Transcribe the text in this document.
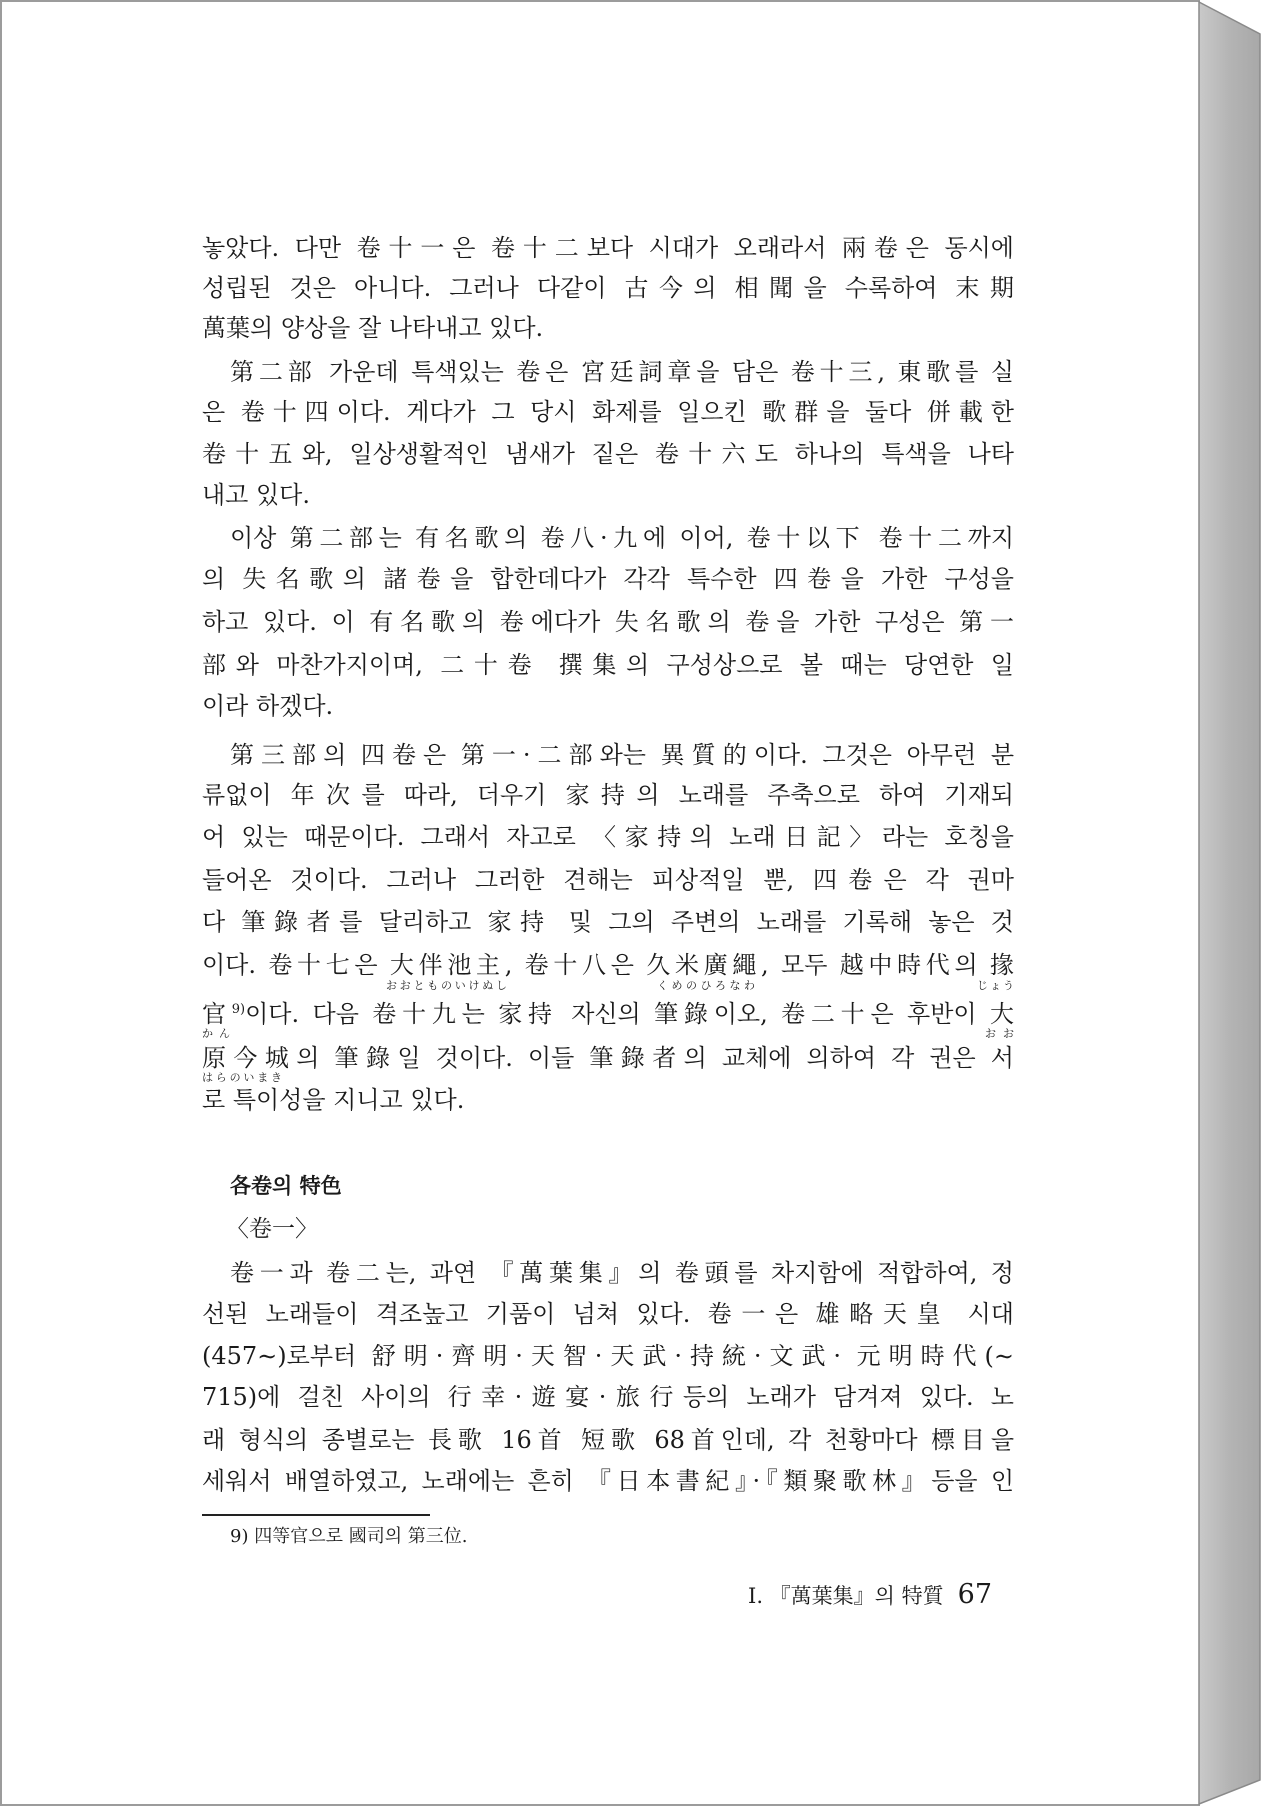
놓았다. 다만 卷十一은 卷十二보다 시대가 오래라서 兩卷은 동시에
성립된 것은 아니다. 그러나 다같이 古今의 相聞을 수록하여 末期
萬葉의 양상을 잘 나타내고 있다.
第二部 가운데 특색있는 卷은 宮廷詞章을 담은 卷十三, 東歌를 실
은 卷十四이다. 게다가 그 당시 화제를 일으킨 歌群을 둘다 併載한
卷十五와, 일상생활적인 냄새가 짙은 卷十六도 하나의 특색을 나타
내고 있다.
이상 第二部는 有名歌의 卷八·九에 이어, 卷十以下 卷十二까지
의 失名歌의 諸卷을 합한데다가 각각 특수한 四卷을 가한 구성을
하고 있다. 이 有名歌의 卷에다가 失名歌의 卷을 가한 구성은 第一
部와 마찬가지이며, 二十卷 撰集의 구성상으로 볼 때는 당연한 일
이라 하겠다.
第三部의 四卷은 第一·二部와는 異質的이다. 그것은 아무런 분
류없이 年次를 따라, 더우기 家持의 노래를 주축으로 하여 기재되
어 있는 때문이다. 그래서 자고로 〈家持의 노래日記〉라는 호칭을
들어온 것이다. 그러나 그러한 견해는 피상적일 뿐, 四卷은 각 권마
다 筆錄者를 달리하고 家持 및 그의 주변의 노래를 기록해 놓은 것
이다. 卷十七은 大伴池主, 卷十八은 久米廣繩, 모두 越中時代의 掾
官$^{9)}$이다. 다음 卷十九는 家持 자신의 筆錄이오, 卷二十은 후반이 大
原今城의 筆錄일 것이다. 이들 筆錄者의 교체에 의하여 각 권은 서
로 특이성을 지니고 있다.
おおとものいけぬし	くめのひろなわ	じょう
かん	おお
はらのいまき
各卷의 特色
〈卷一〉
卷一과 卷二는, 과연 『萬葉集』의 卷頭를 차지함에 적합하여, 정
선된 노래들이 격조높고 기품이 넘쳐 있다. 卷一은 雄略天皇 시대
(457∼)로부터 舒明·齊明·天智·天武·持統·文武· 元明時代(∼
715)에 걸친 사이의 行幸·遊宴·旅行등의 노래가 담겨져 있다. 노
래 형식의 종별로는 長歌 16首 短歌 68首인데, 각 천황마다 標目을
세워서 배열하였고, 노래에는 흔히 『日本書紀』·『類聚歌林』등을 인
9) 四等官으로 國司의 第三位.
Ⅰ. 『萬葉集』의 特質 67
